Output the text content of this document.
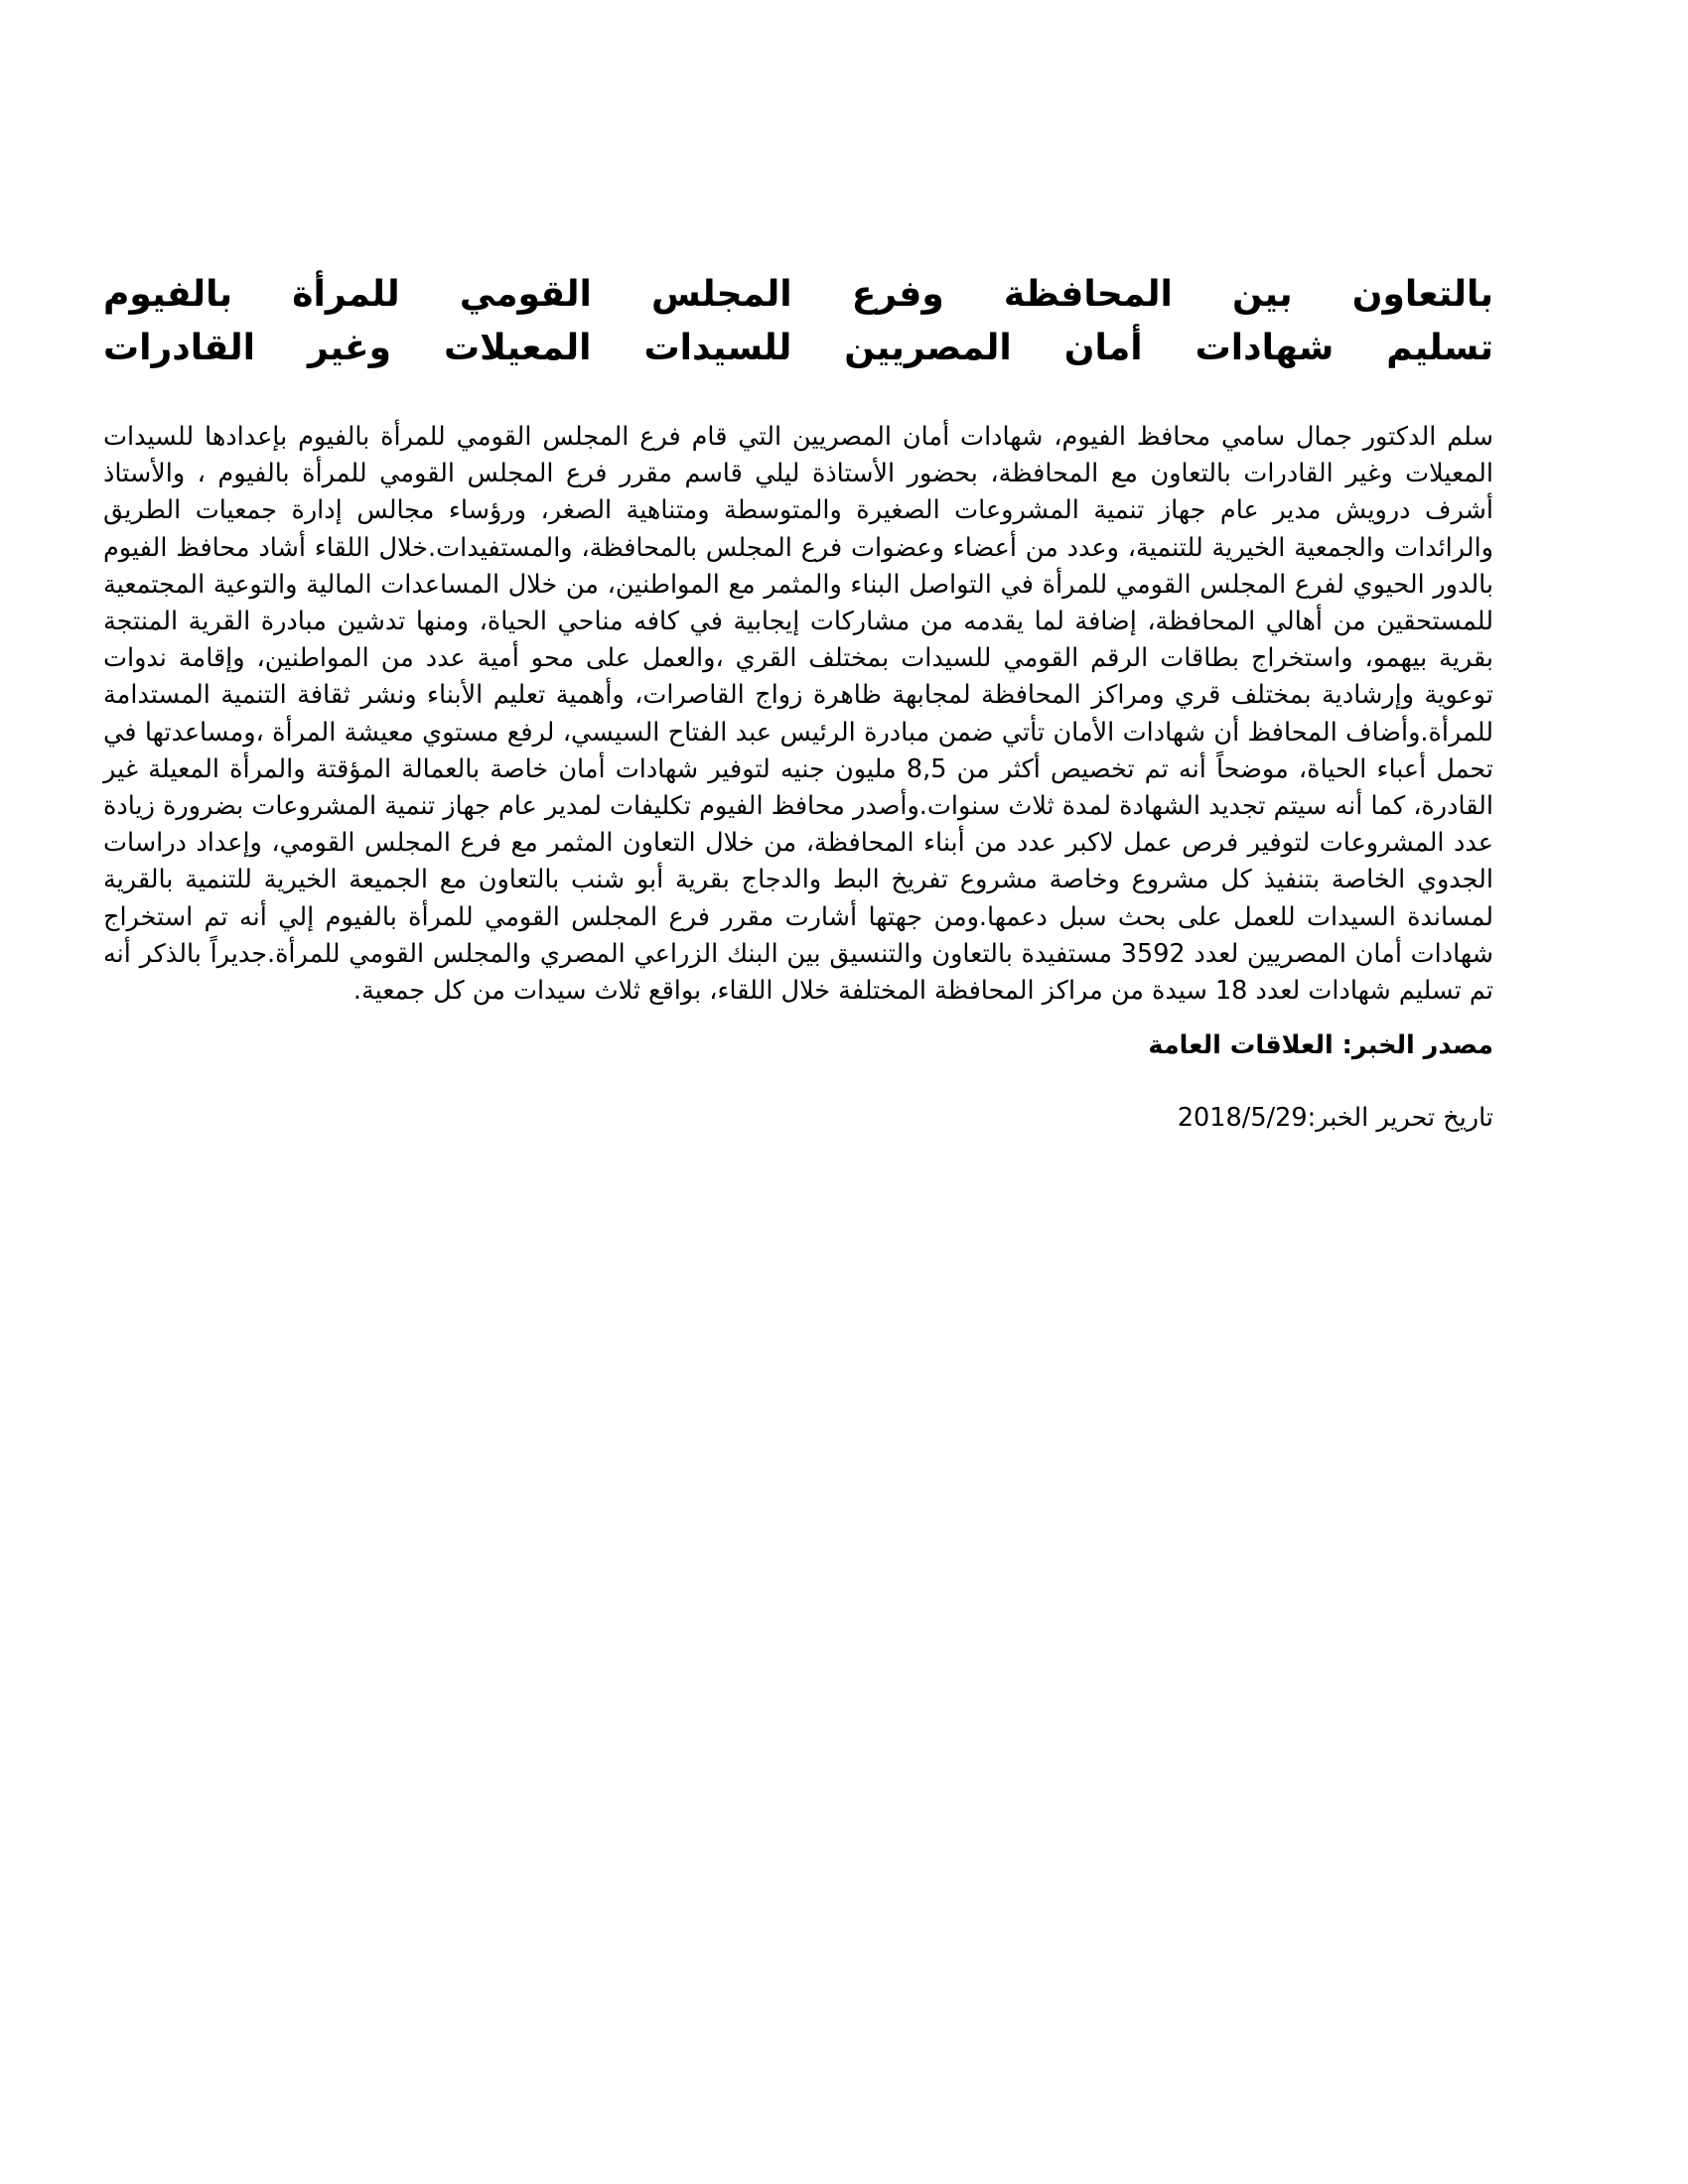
بالتعاون بين المحافظة وفرع المجلس القومي للمرأة بالفيوم
تسليم شهادات أمان المصريين للسيدات المعيلات وغير القادرات

سلم الدكتور جمال سامي محافظ الفيوم، شهادات أمان المصريين التي قام فرع المجلس القومي للمرأة بالفيوم بإعدادها للسيدات المعيلات وغير القادرات بالتعاون مع المحافظة، بحضور الأستاذة ليلي قاسم مقرر فرع المجلس القومي للمرأة بالفيوم ، والأستاذ أشرف درويش مدير عام جهاز تنمية المشروعات الصغيرة والمتوسطة ومتناهية الصغر، ورؤساء مجالس إدارة جمعيات الطريق والرائدات والجمعية الخيرية للتنمية، وعدد من أعضاء وعضوات فرع المجلس بالمحافظة، والمستفيدات.خلال اللقاء أشاد محافظ الفيوم بالدور الحيوي لفرع المجلس القومي للمرأة في التواصل البناء والمثمر مع المواطنين، من خلال المساعدات المالية والتوعية المجتمعية للمستحقين من أهالي المحافظة، إضافة لما يقدمه من مشاركات إيجابية في كافه مناحي الحياة، ومنها تدشين مبادرة القرية المنتجة بقرية بيهمو، واستخراج بطاقات الرقم القومي للسيدات بمختلف القري ،والعمل على محو أمية عدد من المواطنين، وإقامة ندوات توعوية وإرشادية بمختلف قري ومراكز المحافظة لمجابهة ظاهرة زواج القاصرات، وأهمية تعليم الأبناء ونشر ثقافة التنمية المستدامة للمرأة.وأضاف المحافظ أن شهادات الأمان تأتي ضمن مبادرة الرئيس عبد الفتاح السيسي، لرفع مستوي معيشة المرأة ،ومساعدتها في تحمل أعباء الحياة، موضحاً أنه تم تخصيص أكثر من 8,5 مليون جنيه لتوفير شهادات أمان خاصة بالعمالة المؤقتة والمرأة المعيلة غير القادرة، كما أنه سيتم تجديد الشهادة لمدة ثلاث سنوات.وأصدر محافظ الفيوم تكليفات لمدير عام جهاز تنمية المشروعات بضرورة زيادة عدد المشروعات لتوفير فرص عمل لاكبر عدد من أبناء المحافظة، من خلال التعاون المثمر مع فرع المجلس القومي، وإعداد دراسات الجدوي الخاصة بتنفيذ كل مشروع وخاصة مشروع تفريخ البط والدجاج بقرية أبو شنب بالتعاون مع الجميعة الخيرية للتنمية بالقرية لمساندة السيدات للعمل على بحث سبل دعمها.ومن جهتها أشارت مقرر فرع المجلس القومي للمرأة بالفيوم إلي أنه تم استخراج شهادات أمان المصريين لعدد 3592 مستفيدة بالتعاون والتنسيق بين البنك الزراعي المصري والمجلس القومي للمرأة.جديراً بالذكر أنه تم تسليم شهادات لعدد 18 سيدة من مراكز المحافظة المختلفة خلال اللقاء، بواقع ثلاث سيدات من كل جمعية.

مصدر الخبر: العلاقات العامة

تاريخ تحرير الخبر:2018/5/29
